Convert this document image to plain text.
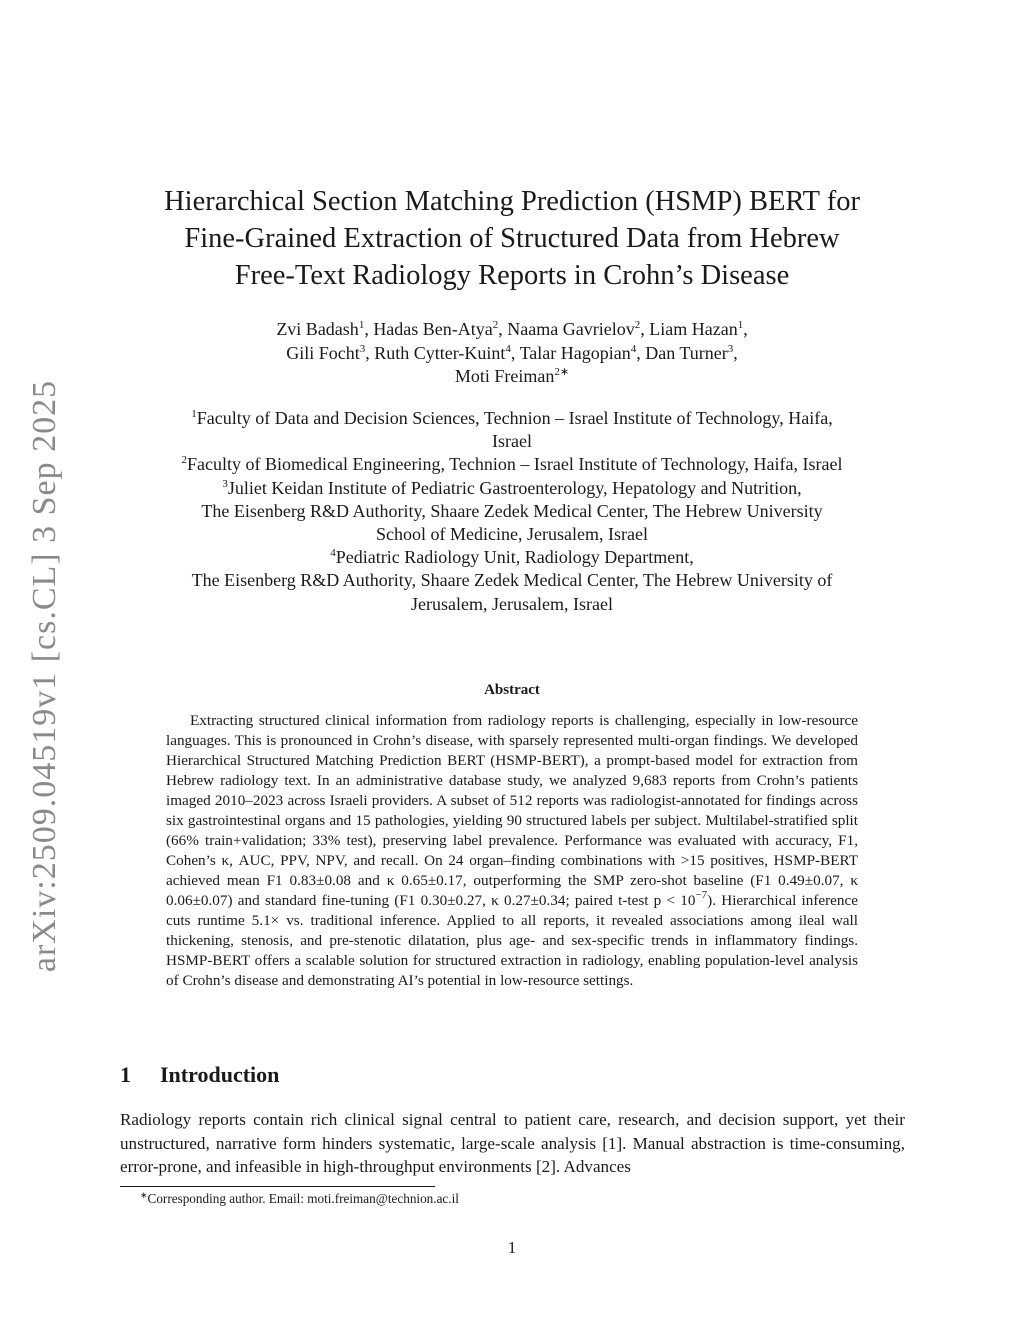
arXiv:2509.04519v1 [cs.CL] 3 Sep 2025
Hierarchical Section Matching Prediction (HSMP) BERT for
Fine-Grained Extraction of Structured Data from Hebrew
Free-Text Radiology Reports in Crohn’s Disease
Zvi Badash$^1$, Hadas Ben-Atya$^2$, Naama Gavrielov$^2$, Liam Hazan$^1$,
Gili Focht$^3$, Ruth Cytter-Kuint$^4$, Talar Hagopian$^4$, Dan Turner$^3$,
Moti Freiman$^{2∗}$
$^1$Faculty of Data and Decision Sciences, Technion – Israel Institute of Technology, Haifa,
Israel
$^2$Faculty of Biomedical Engineering, Technion – Israel Institute of Technology, Haifa, Israel
$^3$Juliet Keidan Institute of Pediatric Gastroenterology, Hepatology and Nutrition,
The Eisenberg R&D Authority, Shaare Zedek Medical Center, The Hebrew University
School of Medicine, Jerusalem, Israel
$^4$Pediatric Radiology Unit, Radiology Department,
The Eisenberg R&D Authority, Shaare Zedek Medical Center, The Hebrew University of
Jerusalem, Jerusalem, Israel
Abstract

Extracting structured clinical information from radiology reports is challenging, especially in low-resource languages. This is pronounced in Crohn’s disease, with sparsely represented multi-organ findings. We developed Hierarchical Structured Matching Prediction BERT (HSMP-BERT), a prompt-based model for extraction from Hebrew radiology text. In an administrative database study, we analyzed 9,683 reports from Crohn’s patients imaged 2010–2023 across Israeli providers. A subset of 512 reports was radiologist-annotated for findings across six gastrointestinal organs and 15 pathologies, yielding 90 structured labels per subject. Multilabel-stratified split (66% train+validation; 33% test), preserving label prevalence. Performance was evaluated with accuracy, F1, Cohen’s κ, AUC, PPV, NPV, and recall. On 24 organ–finding combinations with >15 positives, HSMP-BERT achieved mean F1 0.83±0.08 and κ 0.65±0.17, outperforming the SMP zero-shot baseline (F1 0.49±0.07, κ 0.06±0.07) and standard fine-tuning (F1 0.30±0.27, κ 0.27±0.34; paired t-test $p < 10^{-7}$). Hierarchical inference cuts runtime 5.1× vs. traditional inference. Applied to all reports, it revealed associations among ileal wall thickening, stenosis, and pre-stenotic dilatation, plus age- and sex-specific trends in inflammatory findings. HSMP-BERT offers a scalable solution for structured extraction in radiology, enabling population-level analysis of Crohn’s disease and demonstrating AI’s potential in low-resource settings.

1 Introduction

Radiology reports contain rich clinical signal central to patient care, research, and decision support, yet their unstructured, narrative form hinders systematic, large-scale analysis [1]. Manual abstraction is time-consuming, error-prone, and infeasible in high-throughput environments [2]. Advances

∗Corresponding author. Email: moti.freiman@technion.ac.il
1
